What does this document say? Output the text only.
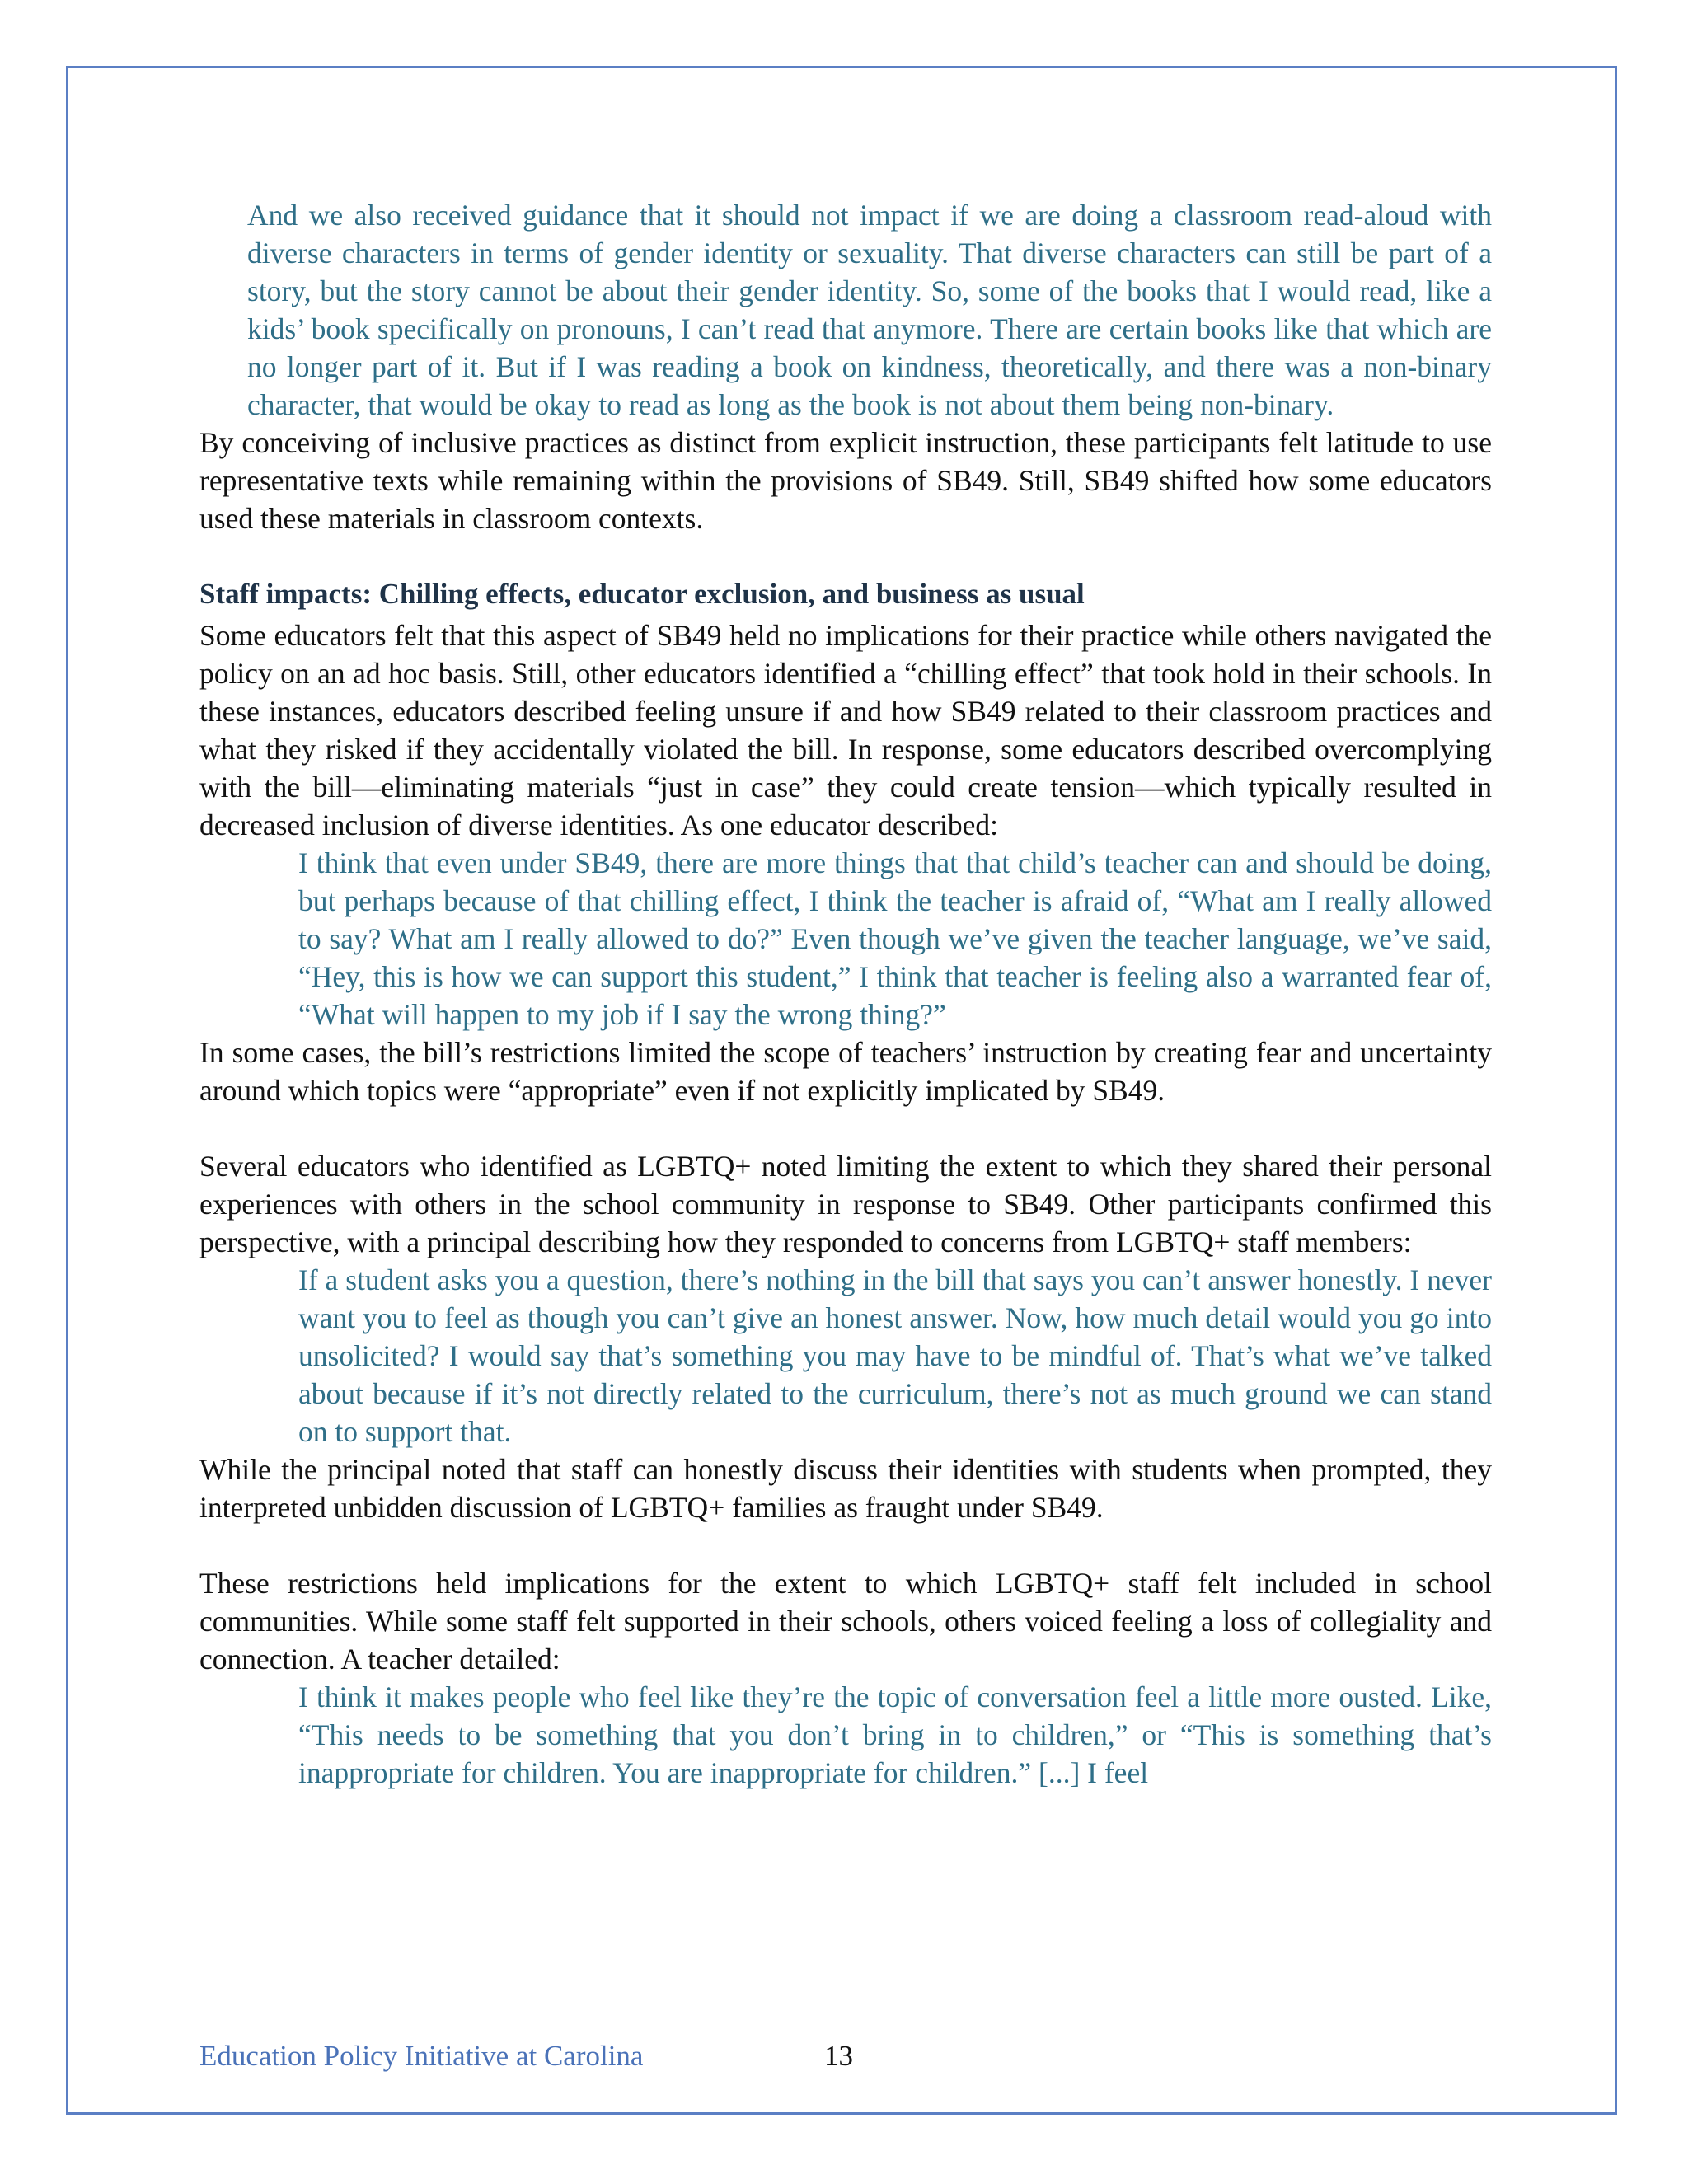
And we also received guidance that it should not impact if we are doing a classroom read-aloud with diverse characters in terms of gender identity or sexuality. That diverse characters can still be part of a story, but the story cannot be about their gender identity. So, some of the books that I would read, like a kids’ book specifically on pronouns, I can’t read that anymore. There are certain books like that which are no longer part of it. But if I was reading a book on kindness, theoretically, and there was a non-binary character, that would be okay to read as long as the book is not about them being non-binary.

By conceiving of inclusive practices as distinct from explicit instruction, these participants felt latitude to use representative texts while remaining within the provisions of SB49. Still, SB49 shifted how some educators used these materials in classroom contexts.

Staff impacts: Chilling effects, educator exclusion, and business as usual

Some educators felt that this aspect of SB49 held no implications for their practice while others navigated the policy on an ad hoc basis. Still, other educators identified a “chilling effect” that took hold in their schools. In these instances, educators described feeling unsure if and how SB49 related to their classroom practices and what they risked if they accidentally violated the bill. In response, some educators described overcomplying with the bill—eliminating materials “just in case” they could create tension—which typically resulted in decreased inclusion of diverse identities. As one educator described:

I think that even under SB49, there are more things that that child’s teacher can and should be doing, but perhaps because of that chilling effect, I think the teacher is afraid of, “What am I really allowed to say? What am I really allowed to do?” Even though we’ve given the teacher language, we’ve said, “Hey, this is how we can support this student,” I think that teacher is feeling also a warranted fear of, “What will happen to my job if I say the wrong thing?”

In some cases, the bill’s restrictions limited the scope of teachers’ instruction by creating fear and uncertainty around which topics were “appropriate” even if not explicitly implicated by SB49.

Several educators who identified as LGBTQ+ noted limiting the extent to which they shared their personal experiences with others in the school community in response to SB49. Other participants confirmed this perspective, with a principal describing how they responded to concerns from LGBTQ+ staff members:

If a student asks you a question, there’s nothing in the bill that says you can’t answer honestly. I never want you to feel as though you can’t give an honest answer. Now, how much detail would you go into unsolicited? I would say that’s something you may have to be mindful of. That’s what we’ve talked about because if it’s not directly related to the curriculum, there’s not as much ground we can stand on to support that.

While the principal noted that staff can honestly discuss their identities with students when prompted, they interpreted unbidden discussion of LGBTQ+ families as fraught under SB49.

These restrictions held implications for the extent to which LGBTQ+ staff felt included in school communities. While some staff felt supported in their schools, others voiced feeling a loss of collegiality and connection. A teacher detailed:

I think it makes people who feel like they’re the topic of conversation feel a little more ousted. Like, “This needs to be something that you don’t bring in to children,” or “This is something that’s inappropriate for children. You are inappropriate for children.” [...] I feel

Education Policy Initiative at Carolina	13
